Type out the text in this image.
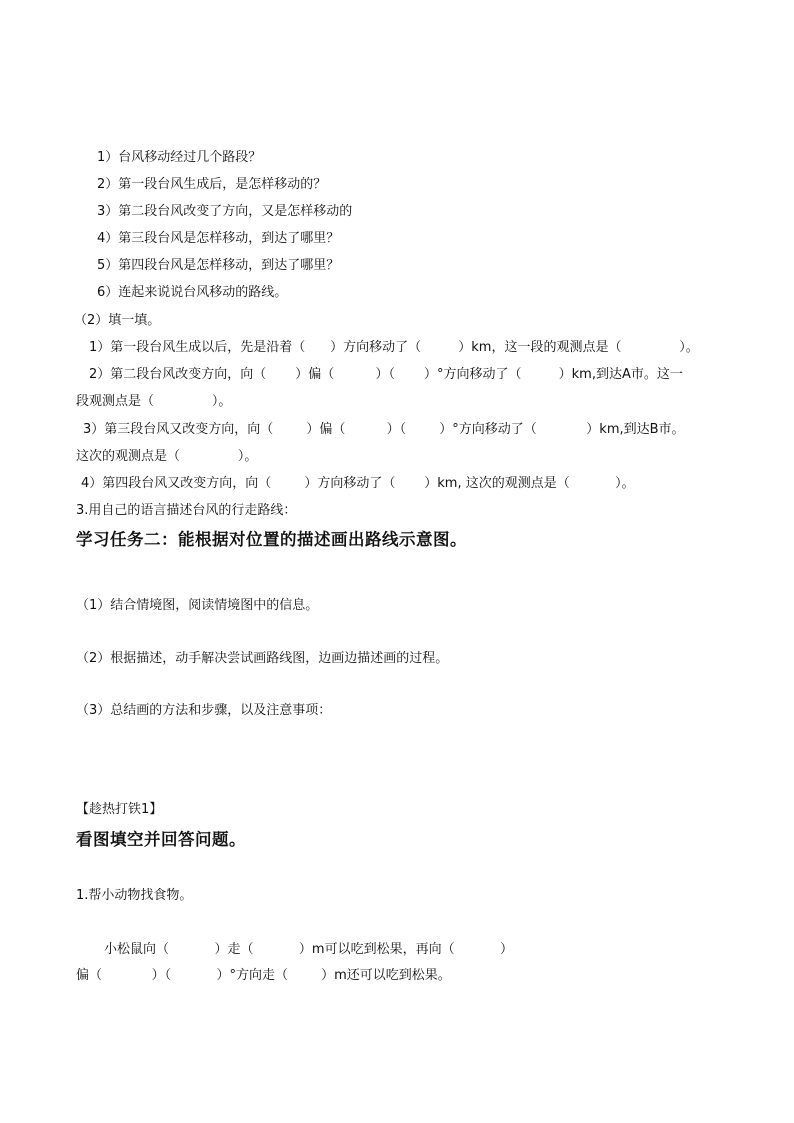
1）台风移动经过几个路段？
2）第一段台风生成后，是怎样移动的？
3）第二段台风改变了方向，又是怎样移动的
4）第三段台风是怎样移动，到达了哪里？
5）第四段台风是怎样移动，到达了哪里？
6）连起来说说台风移动的路线。
（2）填一填。
1）第一段台风生成以后，先是沿着（      ）方向移动了（         ）km，这一段的观测点是（              ）。
2）第二段台风改变方向，向（       ）偏（          ）（       ）°方向移动了（         ）km,到达A市。这一
段观测点是（              ）。
3）第三段台风又改变方向，向（        ）偏（          ）（        ）°方向移动了（            ）km,到达B市。
这次的观测点是（              ）。
4）第四段台风又改变方向，向（        ）方向移动了（       ）km, 这次的观测点是（           ）。
3.用自己的语言描述台风的行走路线：
学习任务二：能根据对位置的描述画出路线示意图。
（1）结合情境图，阅读情境图中的信息。
（2）根据描述，动手解决尝试画路线图，边画边描述画的过程。
（3）总结画的方法和步骤，以及注意事项：
【趁热打铁1】
看图填空并回答问题。
1.帮小动物找食物。
小松鼠向（           ）走（           ）m可以吃到松果，再向（           ）
偏（            ）（           ）°方向走（        ）m还可以吃到松果。
